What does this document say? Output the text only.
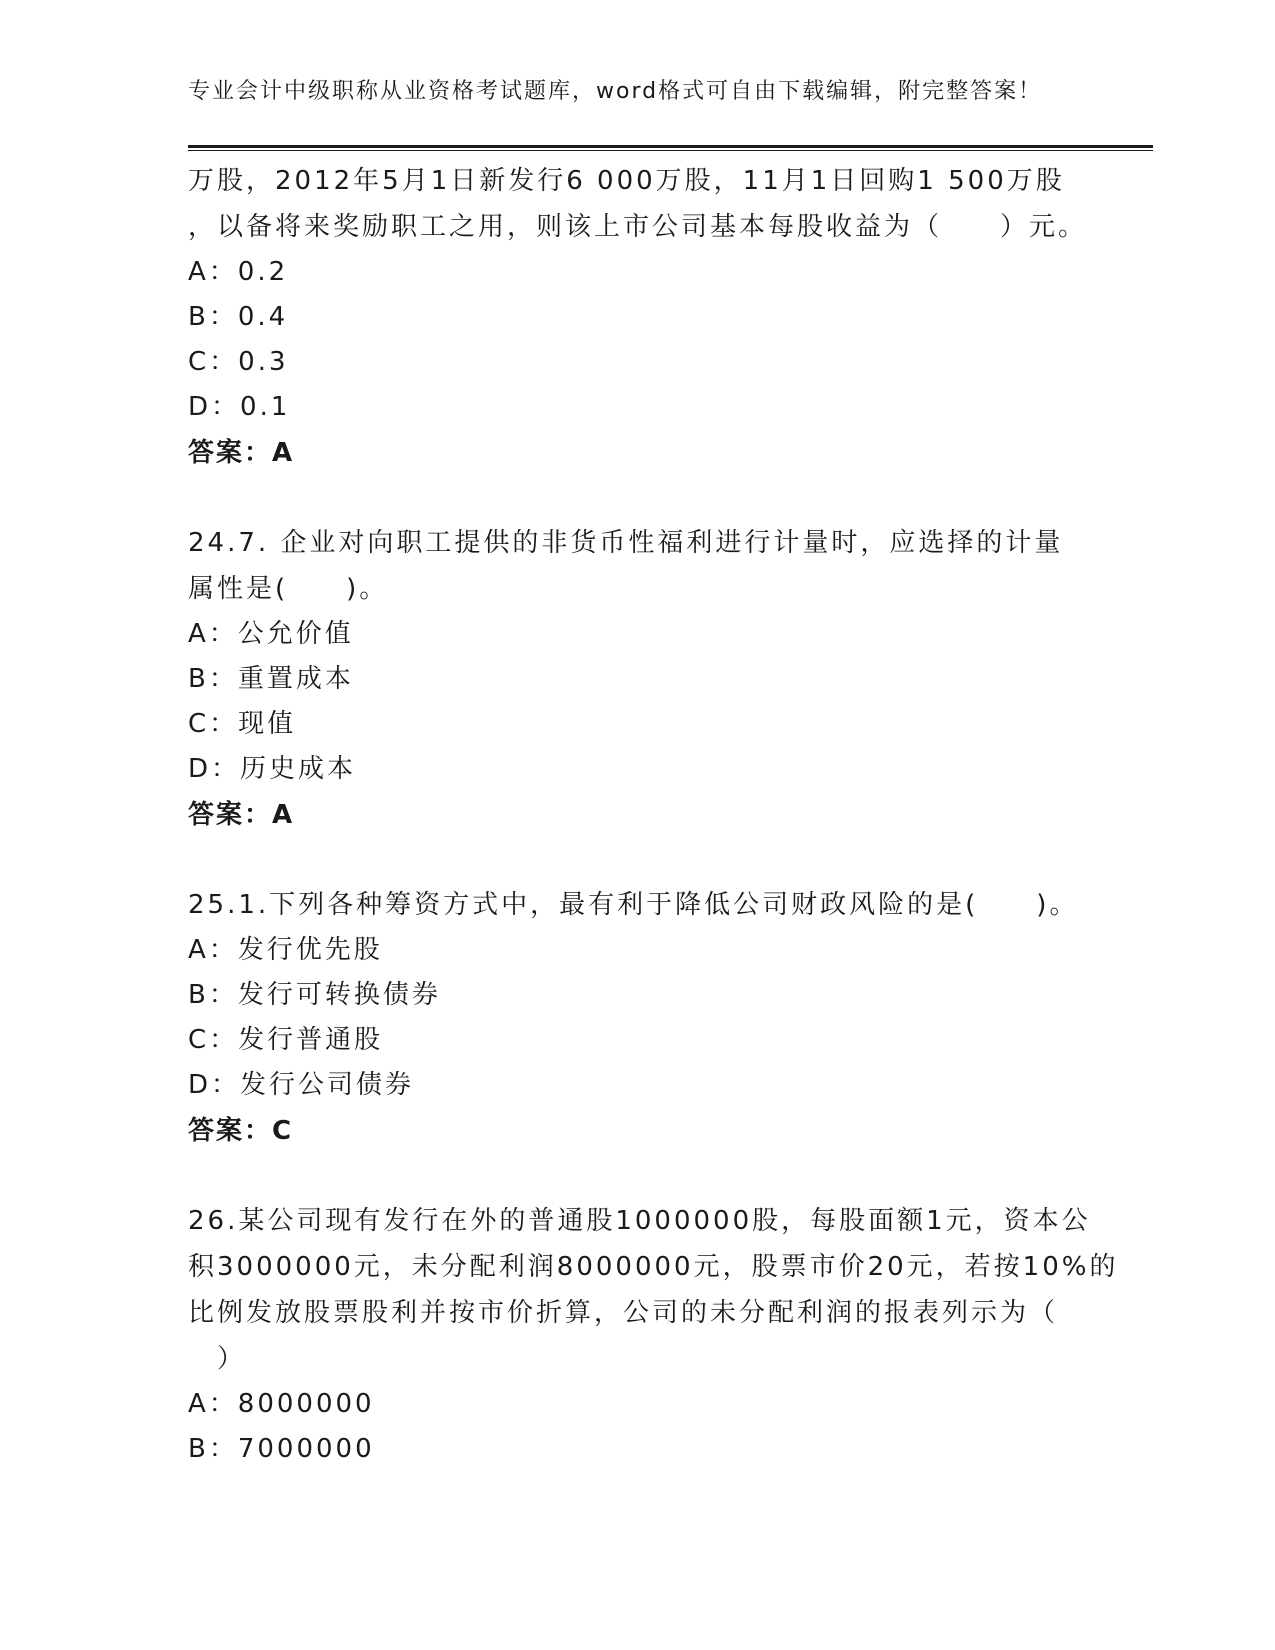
专业会计中级职称从业资格考试题库，word格式可自由下载编辑，附完整答案！
万股，2012年5月1日新发行6 000万股，11月1日回购1 500万股
，以备将来奖励职工之用，则该上市公司基本每股收益为（　　）元。
A：0.2
B：0.4
C：0.3
D：0.1
答案：A
24.7. 企业对向职工提供的非货币性福利进行计量时，应选择的计量
属性是(　　)。
A：公允价值
B：重置成本
C：现值
D：历史成本
答案：A
25.1.下列各种筹资方式中，最有利于降低公司财政风险的是(　　)。
A：发行优先股
B：发行可转换债券
C：发行普通股
D：发行公司债券
答案：C
26.某公司现有发行在外的普通股1000000股，每股面额1元，资本公
积3000000元，未分配利润8000000元，股票市价20元，若按10%的
比例发放股票股利并按市价折算，公司的未分配利润的报表列示为（
　）
A：8000000
B：7000000
